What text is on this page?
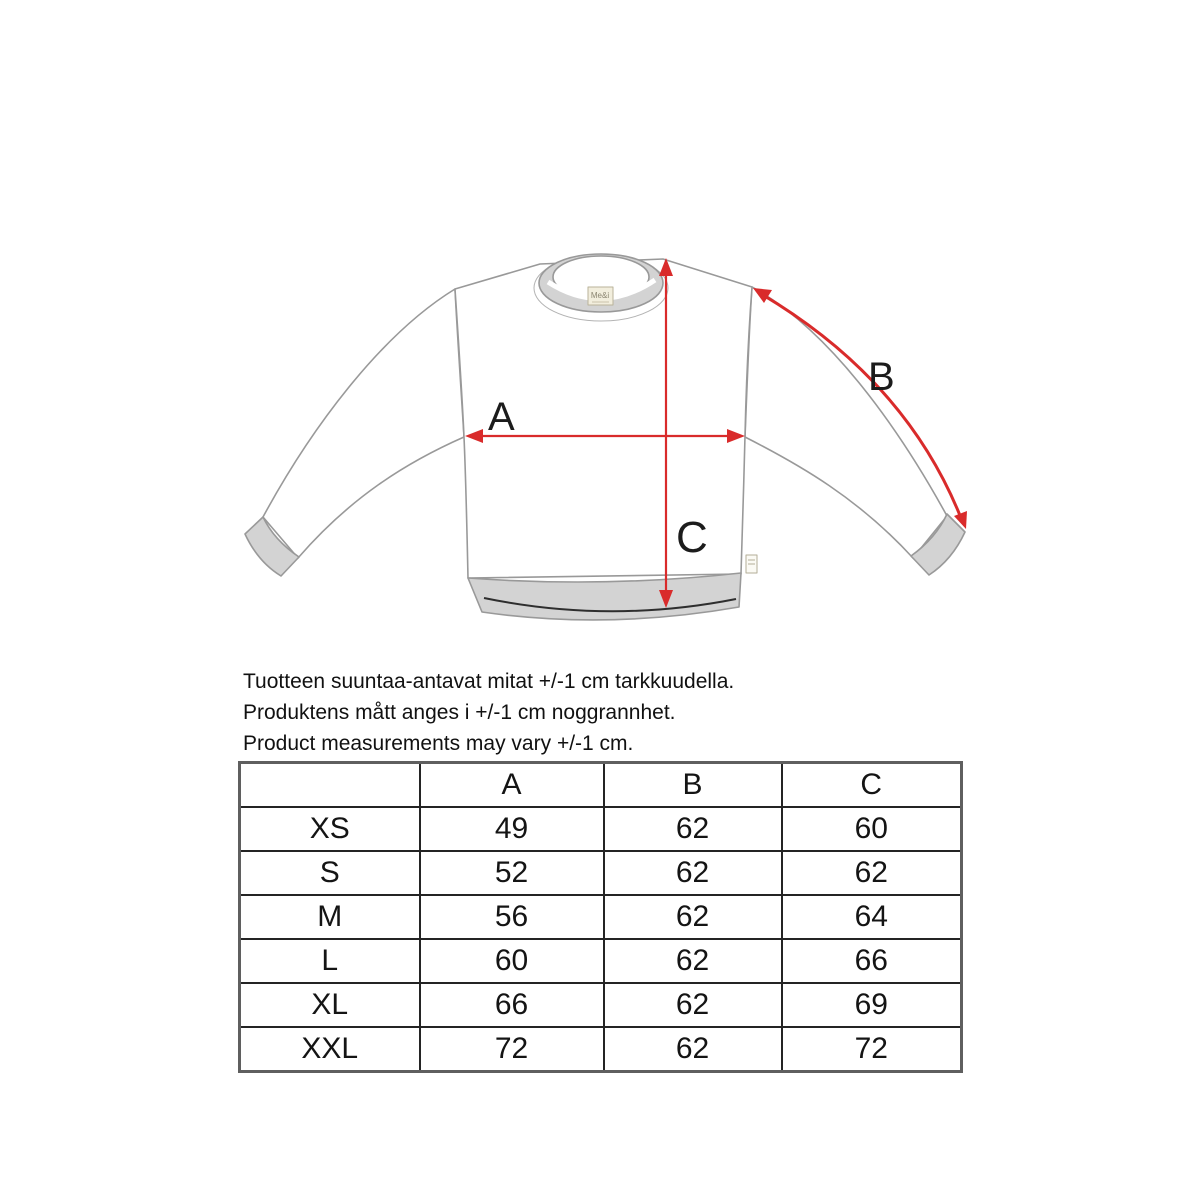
Me&i
A
B
C

Tuotteen suuntaa-antavat mitat +/-1 cm tarkkuudella.

Produktens mått anges i +/-1 cm noggrannhet.

Product measurements may vary +/-1 cm.

	A	B	C
XS	49	62	60
S	52	62	62
M	56	62	64
L	60	62	66
XL	66	62	69
XXL	72	62	72
